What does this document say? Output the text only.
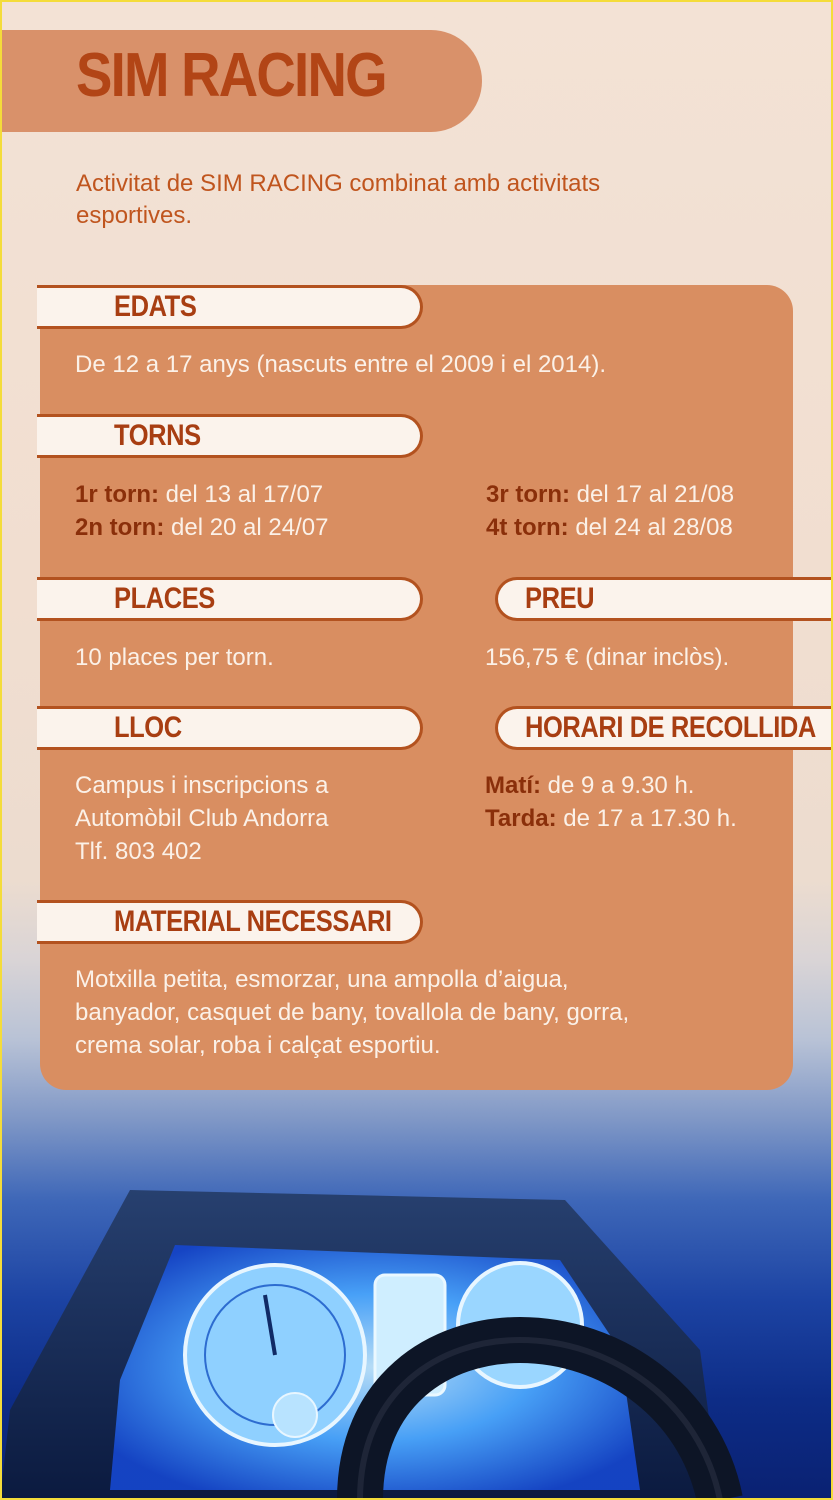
SIM RACING
Activitat de SIM RACING combinat amb activitats esportives.
EDATS
De 12 a 17 anys (nascuts entre el 2009 i el 2014).
TORNS
1r torn: del 13 al 17/07
2n torn: del 20 al 24/07
3r torn: del 17 al 21/08
4t torn: del 24 al 28/08
PLACES
10 places per torn.
PREU
156,75 € (dinar inclòs).
LLOC
Campus i inscripcions a
Automòbil Club Andorra
Tlf. 803 402
HORARI DE RECOLLIDA
Matí: de 9 a 9.30 h.
Tarda: de 17 a 17.30 h.
MATERIAL NECESSARI
Motxilla petita, esmorzar, una ampolla d’aigua,
banyador, casquet de bany, tovallola de bany, gorra,
crema solar, roba i calçat esportiu.
